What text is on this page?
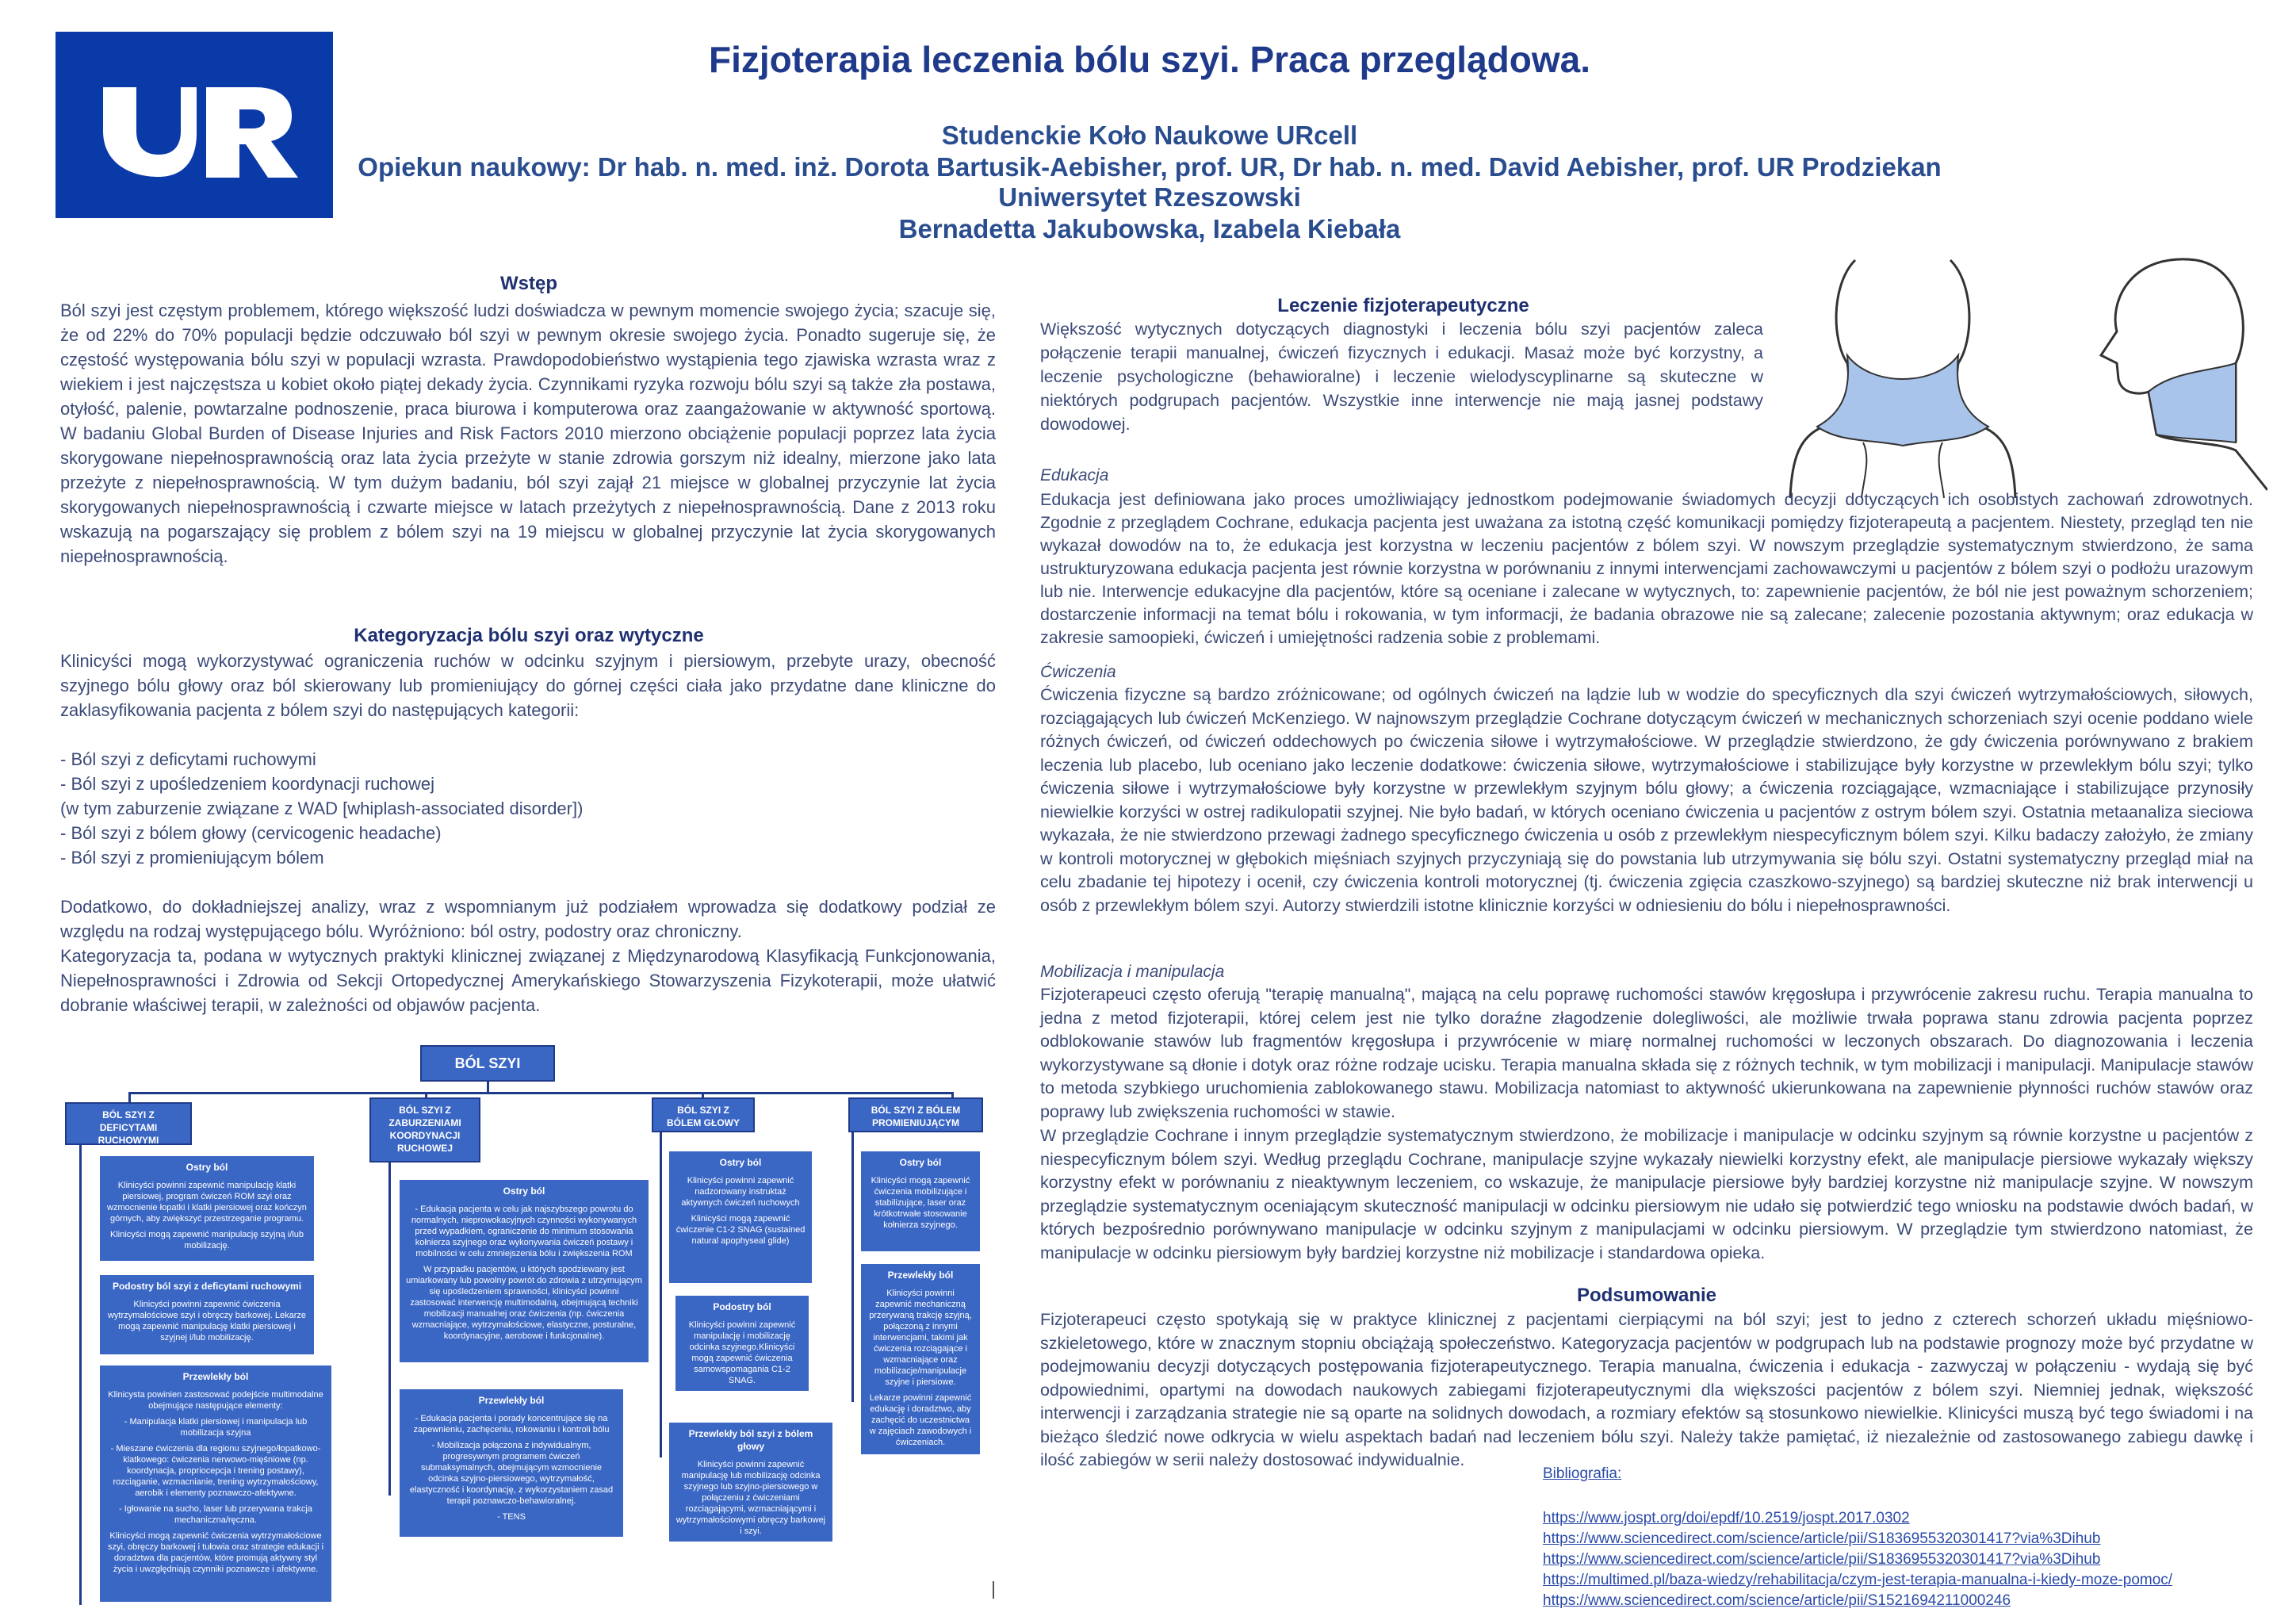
Fizjoterapia leczenia bólu szyi. Praca przeglądowa.
Studenckie Koło Naukowe URcell
Opiekun naukowy: Dr hab. n. med. inż. Dorota Bartusik-Aebisher, prof. UR, Dr hab. n. med. David Aebisher, prof. UR Prodziekan
Uniwersytet Rzeszowski
Bernadetta Jakubowska, Izabela Kiebała
Wstęp
Ból szyi jest częstym problemem, którego większość ludzi doświadcza w pewnym momencie swojego życia; szacuje się, że od 22% do 70% populacji będzie odczuwało ból szyi w pewnym okresie swojego życia. Ponadto sugeruje się, że częstość występowania bólu szyi w populacji wzrasta. Prawdopodobieństwo wystąpienia tego zjawiska wzrasta wraz z wiekiem i jest najczęstsza u kobiet około piątej dekady życia. Czynnikami ryzyka rozwoju bólu szyi są także zła postawa, otyłość, palenie, powtarzalne podnoszenie, praca biurowa i komputerowa oraz zaangażowanie w aktywność sportową. W badaniu Global Burden of Disease Injuries and Risk Factors 2010 mierzono obciążenie populacji poprzez lata życia skorygowane niepełnosprawnością oraz lata życia przeżyte w stanie zdrowia gorszym niż idealny, mierzone jako lata przeżyte z niepełnosprawnością. W tym dużym badaniu, ból szyi zajął 21 miejsce w globalnej przyczynie lat życia skorygowanych niepełnosprawnością i czwarte miejsce w latach przeżytych z niepełnosprawnością. Dane z 2013 roku wskazują na pogarszający się problem z bólem szyi na 19 miejscu w globalnej przyczynie lat życia skorygowanych niepełnosprawnością.
Kategoryzacja bólu szyi oraz wytyczne
Klinicyści mogą wykorzystywać ograniczenia ruchów w odcinku szyjnym i piersiowym, przebyte urazy, obecność szyjnego bólu głowy oraz ból skierowany lub promieniujący do górnej części ciała jako przydatne dane kliniczne do zaklasyfikowania pacjenta z bólem szyi do następujących kategorii:
- Ból szyi z deficytami ruchowymi
- Ból szyi z upośledzeniem koordynacji ruchowej
(w tym zaburzenie związane z WAD [whiplash-associated disorder])
- Ból szyi z bólem głowy (cervicogenic headache)
- Ból szyi z promieniującym bólem
Dodatkowo, do dokładniejszej analizy, wraz z wspomnianym już podziałem wprowadza się dodatkowy podział ze względu na rodzaj występującego bólu. Wyróżniono: ból ostry, podostry oraz chroniczny.
Kategoryzacja ta, podana w wytycznych praktyki klinicznej związanej z Międzynarodową Klasyfikacją Funkcjonowania, Niepełnosprawności i Zdrowia od Sekcji Ortopedycznej Amerykańskiego Stowarzyszenia Fizykoterapii, może ułatwić dobranie właściwej terapii, w zależności od objawów pacjenta.
BÓL SZYI
BÓL SZYI Z DEFICYTAMI RUCHOWYMI
BÓL SZYI Z ZABURZENIAMI KOORDYNACJI RUCHOWEJ
BÓL SZYI Z BÓLEM GŁOWY
BÓL SZYI Z BÓLEM PROMIENIUJĄCYM
Ostry ból

Klinicyści powinni zapewnić manipulację klatki piersiowej, program ćwiczeń ROM szyi oraz wzmocnienie łopatki i klatki piersiowej oraz kończyn górnych, aby zwiększyć przestrzeganie programu.

Klinicyści mogą zapewnić manipulację szyjną i/lub mobilizację.

Podostry ból szyi z deficytami ruchowymi

Klinicyści powinni zapewnić ćwiczenia wytrzymałościowe szyi i obręczy barkowej. Lekarze mogą zapewnić manipulację klatki piersiowej i szyjnej i/lub mobilizację.

Przewlekły ból

Klinicysta powinien zastosować podejście multimodalne obejmujące następujące elementy:

- Manipulacja klatki piersiowej i manipulacja lub mobilizacja szyjna

- Mieszane ćwiczenia dla regionu szyjnego/łopatkowo-klatkowego: ćwiczenia nerwowo-mięśniowe (np. koordynacja, propriocepcja i trening postawy), rozciąganie, wzmacnianie, trening wytrzymałościowy, aerobik i elementy poznawczo-afektywne.

- Igłowanie na sucho, laser lub przerywana trakcja mechaniczna/ręczna.

Klinicyści mogą zapewnić ćwiczenia wytrzymałościowe szyi, obręczy barkowej i tułowia oraz strategie edukacji i doradztwa dla pacjentów, które promują aktywny styl życia i uwzględniają czynniki poznawcze i afektywne.

Ostry ból

- Edukacja pacjenta w celu jak najszybszego powrotu do normalnych, nieprowokacyjnych czynności wykonywanych przed wypadkiem, ograniczenie do minimum stosowania kołnierza szyjnego oraz wykonywania ćwiczeń postawy i mobilności w celu zmniejszenia bólu i zwiększenia ROM

W przypadku pacjentów, u których spodziewany jest umiarkowany lub powolny powrót do zdrowia z utrzymującym się upośledzeniem sprawności, klinicyści powinni zastosować interwencję multimodalną, obejmującą techniki mobilizacji manualnej oraz ćwiczenia (np. ćwiczenia wzmacniające, wytrzymałościowe, elastyczne, posturalne, koordynacyjne, aerobowe i funkcjonalne).

Przewlekły ból

- Edukacja pacjenta i porady koncentrujące się na zapewnieniu, zachęceniu, rokowaniu i kontroli bólu

- Mobilizacja połączona z indywidualnym, progresywnym programem ćwiczeń submaksymalnych, obejmującym wzmocnienie odcinka szyjno-piersiowego, wytrzymałość, elastyczność i koordynację, z wykorzystaniem zasad terapii poznawczo-behawioralnej.

- TENS

Ostry ból

Klinicyści powinni zapewnić nadzorowany instruktaż aktywnych ćwiczeń ruchowych

Klinicyści mogą zapewnić ćwiczenie C1-2 SNAG (sustained natural apophyseal glide)

Podostry ból

Klinicyści powinni zapewnić manipulację i mobilizację odcinka szyjnego.Klinicyści mogą zapewnić ćwiczenia samowspomagania C1-2 SNAG.

Przewlekły ból szyi z bólem głowy

Klinicyści powinni zapewnić manipulację lub mobilizację odcinka szyjnego lub szyjno-piersiowego w połączeniu z ćwiczeniami rozciągającymi, wzmacniającymi i wytrzymałościowymi obręczy barkowej i szyi.

Ostry ból

Klinicyści mogą zapewnić ćwiczenia mobilizujące i stabilizujące, laser oraz krótkotrwałe stosowanie kołnierza szyjnego.

Przewlekły ból

Klinicyści powinni zapewnić mechaniczną przerywaną trakcję szyjną, połączoną z innymi interwencjami, takimi jak ćwiczenia rozciągające i wzmacniające oraz mobilizacje/manipulacje szyjne i piersiowe.

Lekarze powinni zapewnić edukację i doradztwo, aby zachęcić do uczestnictwa w zajęciach zawodowych i ćwiczeniach.

Leczenie fizjoterapeutyczne
Większość wytycznych dotyczących diagnostyki i leczenia bólu szyi pacjentów zaleca połączenie terapii manualnej, ćwiczeń fizycznych i edukacji. Masaż może być korzystny, a leczenie psychologiczne (behawioralne) i leczenie wielodyscyplinarne są skuteczne w niektórych podgrupach pacjentów. Wszystkie inne interwencje nie mają jasnej podstawy dowodowej.
Edukacja
Edukacja jest definiowana jako proces umożliwiający jednostkom podejmowanie świadomych decyzji dotyczących ich osobistych zachowań zdrowotnych. Zgodnie z przeglądem Cochrane, edukacja pacjenta jest uważana za istotną część komunikacji pomiędzy fizjoterapeutą a pacjentem. Niestety, przegląd ten nie wykazał dowodów na to, że edukacja jest korzystna w leczeniu pacjentów z bólem szyi. W nowszym przeglądzie systematycznym stwierdzono, że sama ustrukturyzowana edukacja pacjenta jest równie korzystna w porównaniu z innymi interwencjami zachowawczymi u pacjentów z bólem szyi o podłożu urazowym lub nie. Interwencje edukacyjne dla pacjentów, które są oceniane i zalecane w wytycznych, to: zapewnienie pacjentów, że ból nie jest poważnym schorzeniem; dostarczenie informacji na temat bólu i rokowania, w tym informacji, że badania obrazowe nie są zalecane; zalecenie pozostania aktywnym; oraz edukacja w zakresie samoopieki, ćwiczeń i umiejętności radzenia sobie z problemami.
Ćwiczenia
Ćwiczenia fizyczne są bardzo zróżnicowane; od ogólnych ćwiczeń na lądzie lub w wodzie do specyficznych dla szyi ćwiczeń wytrzymałościowych, siłowych, rozciągających lub ćwiczeń McKenziego. W najnowszym przeglądzie Cochrane dotyczącym ćwiczeń w mechanicznych schorzeniach szyi ocenie poddano wiele różnych ćwiczeń, od ćwiczeń oddechowych po ćwiczenia siłowe i wytrzymałościowe. W przeglądzie stwierdzono, że gdy ćwiczenia porównywano z brakiem leczenia lub placebo, lub oceniano jako leczenie dodatkowe: ćwiczenia siłowe, wytrzymałościowe i stabilizujące były korzystne w przewlekłym bólu szyi; tylko ćwiczenia siłowe i wytrzymałościowe były korzystne w przewlekłym szyjnym bólu głowy; a ćwiczenia rozciągające, wzmacniające i stabilizujące przynosiły niewielkie korzyści w ostrej radikulopatii szyjnej. Nie było badań, w których oceniano ćwiczenia u pacjentów z ostrym bólem szyi. Ostatnia metaanaliza sieciowa wykazała, że nie stwierdzono przewagi żadnego specyficznego ćwiczenia u osób z przewlekłym niespecyficznym bólem szyi. Kilku badaczy założyło, że zmiany w kontroli motorycznej w głębokich mięśniach szyjnych przyczyniają się do powstania lub utrzymywania się bólu szyi. Ostatni systematyczny przegląd miał na celu zbadanie tej hipotezy i ocenił, czy ćwiczenia kontroli motorycznej (tj. ćwiczenia zgięcia czaszkowo-szyjnego) są bardziej skuteczne niż brak interwencji u osób z przewlekłym bólem szyi. Autorzy stwierdzili istotne klinicznie korzyści w odniesieniu do bólu i niepełnosprawności.
Mobilizacja i manipulacja
Fizjoterapeuci często oferują "terapię manualną", mającą na celu poprawę ruchomości stawów kręgosłupa i przywrócenie zakresu ruchu. Terapia manualna to jedna z metod fizjoterapii, której celem jest nie tylko doraźne złagodzenie dolegliwości, ale możliwie trwała poprawa stanu zdrowia pacjenta poprzez odblokowanie stawów lub fragmentów kręgosłupa i przywrócenie w miarę normalnej ruchomości w leczonych obszarach. Do diagnozowania i leczenia wykorzystywane są dłonie i dotyk oraz różne rodzaje ucisku. Terapia manualna składa się z różnych technik, w tym mobilizacji i manipulacji. Manipulacje stawów to metoda szybkiego uruchomienia zablokowanego stawu. Mobilizacja natomiast to aktywność ukierunkowana na zapewnienie płynności ruchów stawów oraz poprawy lub zwiększenia ruchomości w stawie.
W przeglądzie Cochrane i innym przeglądzie systematycznym stwierdzono, że mobilizacje i manipulacje w odcinku szyjnym są równie korzystne u pacjentów z niespecyficznym bólem szyi. Według przeglądu Cochrane, manipulacje szyjne wykazały niewielki korzystny efekt, ale manipulacje piersiowe wykazały większy korzystny efekt w porównaniu z nieaktywnym leczeniem, co wskazuje, że manipulacje piersiowe były bardziej korzystne niż manipulacje szyjne. W nowszym przeglądzie systematycznym oceniającym skuteczność manipulacji w odcinku piersiowym nie udało się potwierdzić tego wniosku na podstawie dwóch badań, w których bezpośrednio porównywano manipulacje w odcinku szyjnym z manipulacjami w odcinku piersiowym. W przeglądzie tym stwierdzono natomiast, że manipulacje w odcinku piersiowym były bardziej korzystne niż mobilizacje i standardowa opieka.
Podsumowanie
Fizjoterapeuci często spotykają się w praktyce klinicznej z pacjentami cierpiącymi na ból szyi; jest to jedno z czterech schorzeń układu mięśniowo-szkieletowego, które w znacznym stopniu obciążają społeczeństwo. Kategoryzacja pacjentów w podgrupach lub na podstawie prognozy może być przydatne w podejmowaniu decyzji dotyczących postępowania fizjoterapeutycznego. Terapia manualna, ćwiczenia i edukacja - zazwyczaj w połączeniu - wydają się być odpowiednimi, opartymi na dowodach naukowych zabiegami fizjoterapeutycznymi dla większości pacjentów z bólem szyi. Niemniej jednak, większość interwencji i zarządzania strategie nie są oparte na solidnych dowodach, a rozmiary efektów są stosunkowo niewielkie. Klinicyści muszą być tego świadomi i na bieżąco śledzić nowe odkrycia w wielu aspektach badań nad leczeniem bólu szyi. Należy także pamiętać, iż niezależnie od zastosowanego zabiegu dawkę i ilość zabiegów w serii należy dostosować indywidualnie.
Bibliografia:
https://www.jospt.org/doi/epdf/10.2519/jospt.2017.0302
https://www.sciencedirect.com/science/article/pii/S1836955320301417?via%3Dihub
https://www.sciencedirect.com/science/article/pii/S1836955320301417?via%3Dihub
https://multimed.pl/baza-wiedzy/rehabilitacja/czym-jest-terapia-manualna-i-kiedy-moze-pomoc/
https://www.sciencedirect.com/science/article/pii/S1521694211000246
